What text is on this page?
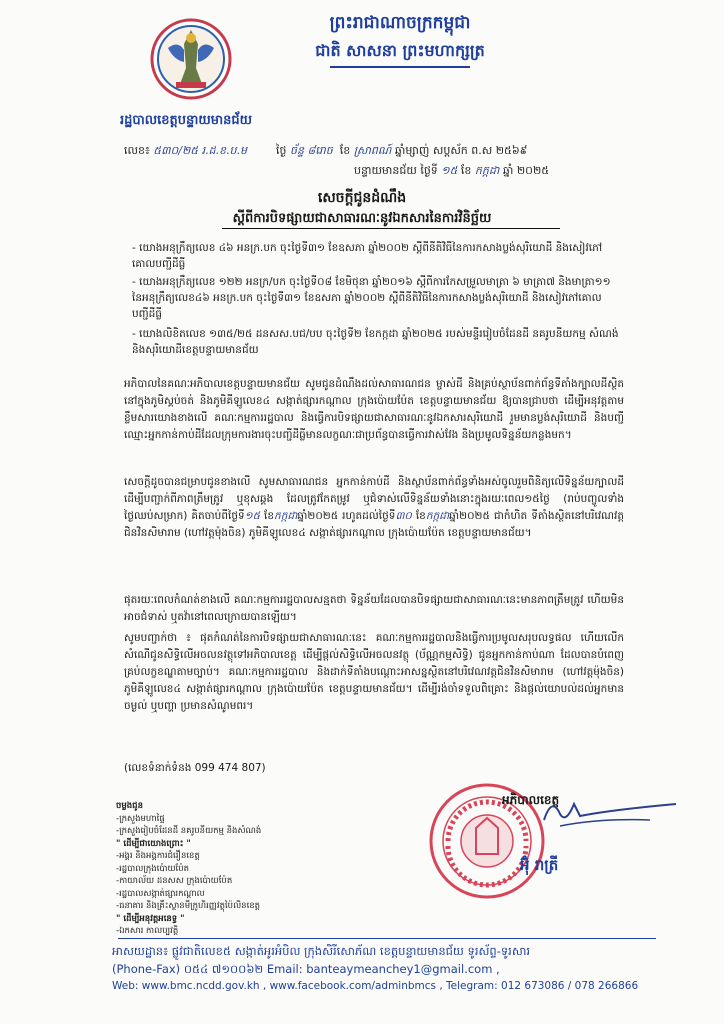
ព្រះរាជាណាចក្រកម្ពុជា
ជាតិ សាសនា ព្រះមហាក្សត្រ
រដ្ឋបាលខេត្តបន្ទាយមានជ័យ
លេខ៖ ៥៣០/២៥ រ.ដ.ខ.ប.ម	ថ្ងៃ ច័ន្ទ ៨រោច ខែ ស្រាពណ៍ ឆ្នាំម្សាញ់ សប្តស័ក ព.ស ២៥៦៩
បន្ទាយមានជ័យ ថ្ងៃទី ១៥ ខែ កក្កដា ឆ្នាំ ២០២៥
សេចក្តីជូនដំណឹង
ស្តីពីការបិទផ្សាយជាសាធារណៈនូវឯកសារនៃការវិនិច្ឆ័យ
- យោងអនុក្រឹត្យលេខ ៤៦ អនក្រ.បក ចុះថ្ងៃទី៣១ ខែឧសភា ឆ្នាំ២០០២ ស្តីពីនីតិវិធីនៃការកសាងប្លង់សុរិយោដី និងសៀវភៅគោលបញ្ជីដីធ្លី
- យោងអនុក្រឹត្យលេខ ១២២ អនក្រ/បក ចុះថ្ងៃទី០៨ ខែមិថុនា ឆ្នាំ២០១៦ ស្តីពីការកែសម្រួលមាត្រា ៦ មាត្រា៧ និងមាត្រា១១ នៃអនុក្រឹត្យលេខ៤៦ អនក្រ.បក ចុះថ្ងៃទី៣១ ខែឧសភា ឆ្នាំ២០០២ ស្តីពីនីតិវិធីនៃការកសាងប្លង់សុរិយោដី និងសៀវភៅគោលបញ្ជីដីធ្លី
- យោងលិខិតលេខ ១៣៥/២៥ ដនសស.បជ/បប ចុះថ្ងៃទី២ ខែកក្កដា ឆ្នាំ២០២៥ របស់មន្ទីររៀបចំដែនដី នគរូបនីយកម្ម សំណង់ និងសុរិយោដីខេត្តបន្ទាយមានជ័យ
អភិបាលនៃគណៈអភិបាលខេត្តបន្ទាយមានជ័យ សូមជូនដំណឹងដល់សាធារណជន ម្ចាស់ដី និងគ្រប់ស្ថាប័នពាក់ព័ន្ធទីតាំងក្បាលដីស្ថិតនៅក្នុងភូមិស្គប់ចត់ និងភូមិគីឡូលេខ៤ សង្កាត់ផ្សារកណ្តាល ក្រុងប៉ោយប៉ែត ខេត្តបន្ទាយមានជ័យ ឱ្យបានជ្រាបថា ដើម្បីអនុវត្តតាមខ្លឹមសារយោងខាងលើ គណៈកម្មការរដ្ឋបាល និងធ្វើការបិទផ្សាយជាសាធារណៈនូវឯកសារសុរិយោដី រួមមានប្លង់សុរិយោដី និងបញ្ជីឈ្មោះអ្នកកាន់កាប់ដីដែលក្រុមការងារចុះបញ្ជីដីធ្លីមានលក្ខណៈជាប្រព័ន្ធបានធ្វើការវាស់វែង និងប្រមូលទិន្នន័យកន្លងមក។
សេចក្តីដូចបានជម្រាបជូនខាងលើ សូមសាធារណជន អ្នកកាន់កាប់ដី និងស្ថាប័នពាក់ព័ន្ធទាំងអស់ចូលរួមពិនិត្យលើទិន្នន័យក្បាលដី ដើម្បីបញ្ជាក់ពីភាពត្រឹមត្រូវ ឬខុសឆ្គង ដែលត្រូវកែតម្រូវ ឬជំទាស់លើទិន្នន័យទាំងនោះក្នុងរយៈពេល១៥ថ្ងៃ (រាប់បញ្ចូលទាំងថ្ងៃឈប់សម្រាក) គិតចាប់ពីថ្ងៃទី១៥ ខែកក្កដាឆ្នាំ២០២៥ រហូតដល់ថ្ងៃទី៣០ ខែកក្កដាឆ្នាំ២០២៥ ជាកំហិត ទីតាំងស្ថិតនៅបរិវេណវត្តជិនវិនសិមារាម (ហៅវត្តម៉ុងចិន) ភូមិគីឡូលេខ៤ សង្កាត់ផ្សារកណ្តាល ក្រុងប៉ោយប៉ែត ខេត្តបន្ទាយមានជ័យ។
ផុតរយៈពេលកំណត់ខាងលើ គណៈកម្មការរដ្ឋបាលសន្មតថា ទិន្នន័យដែលបានបិទផ្សាយជាសាធារណៈនេះមានភាពត្រឹមត្រូវ ហើយមិនអាចជំទាស់ ឬតវ៉ានៅពេលក្រោយបានឡើយ។
សូមបញ្ជាក់ថា ៖ ផុតកំណត់នៃការបិទផ្សាយជាសាធារណៈនេះ គណៈកម្មការរដ្ឋបាលនិងធ្វើការប្រមូលសរុបលទ្ធផល ហើយលើកសំណើជូនសិទ្ធិលើអចលនវត្ថុទៅអភិបាលខេត្ត ដើម្បីផ្តល់សិទ្ធិលើអចលនវត្ថុ (ប័ណ្ណកម្មសិទ្ធិ) ជូនអ្នកកាន់កាប់ណា ដែលបានបំពេញគ្រប់លក្ខខណ្ឌតាមច្បាប់។ គណៈកម្មការរដ្ឋបាល និងដាក់ទីតាំងបណ្តោះអាសន្នស្ថិតនៅបរិវេណវត្តជិនវិនសិមារាម (ហៅវត្តម៉ុងចិន) ភូមិគីឡូលេខ៤ សង្កាត់ផ្សារកណ្តាល ក្រុងប៉ោយប៉ែត ខេត្តបន្ទាយមានជ័យ។ ដើម្បីរង់ចាំទទួលពិគ្រោះ និងផ្តល់យោបល់ដល់អ្នកមានចម្ងល់ ឬបញ្ហា ប្រមានសំណូមពរ។
(លេខទំនាក់ទំនង 099 474 807)
ចម្លងជូន
-ក្រសួងមហាផ្ទៃ
-ក្រសួងរៀបចំដែនដី នគរូបនីយកម្ម និងសំណង់
" ដើម្បីជាយោងព្រោះ "
-អង្គរ និងអង្គការជំរឿនខេត្ត
-រដ្ឋបាលក្រុងប៉ោយប៉ែត
-កាយាល័យ ដនសស ក្រុងប៉ោយប៉ែត
-រដ្ឋបាលសង្កាត់ផ្សារកណ្តាល
-ធនាគារ និងគ្រឹះស្ថានមីក្រូហិរញ្ញវត្ថុប៉ៃលិនខេត្ត
" ដើម្បីអនុវត្តអនេទ្ធ "
-ឯកសារ កាលប្បវត្តិ
អភិបាលខេត្ត
អ៊ុំ រាត្រី
អាសយដ្ឋាន៖ ផ្លូវជាតិលេខ៥ សង្កាត់អូរអំបិល ក្រុងសិរីសោភ័ណ ខេត្តបន្ទាយមានជ័យ ទូរស័ព្ទ-ទូរសារ
(Phone-Fax) ០៥៤ ៧១០០៦២ Email: banteaymeanchey1@gmail.com ,
Web: www.bmc.ncdd.gov.kh , www.facebook.com/adminbmcs , Telegram: 012 673086 / 078 266866
